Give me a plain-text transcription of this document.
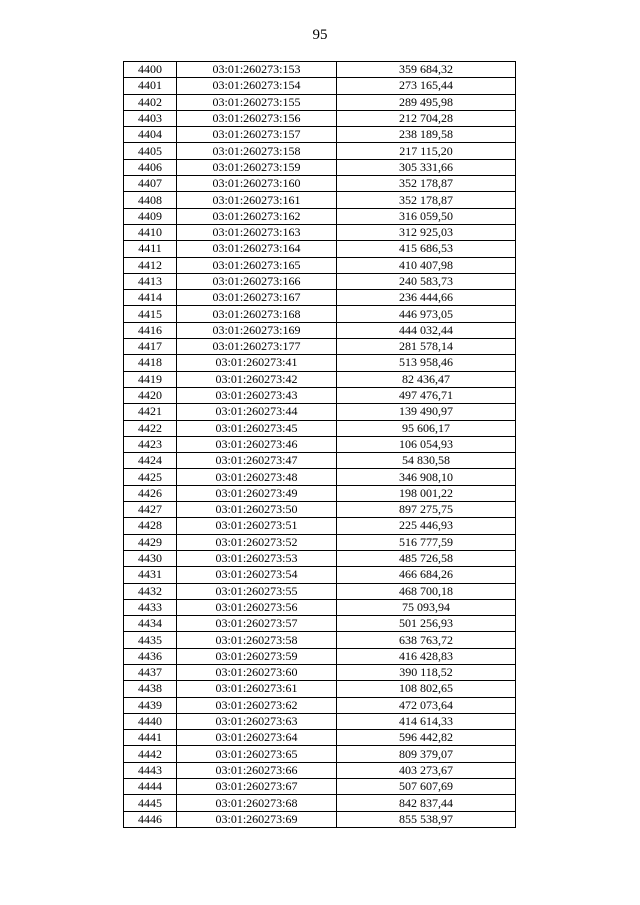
95
4400	03:01:260273:153	359 684,32
4401	03:01:260273:154	273 165,44
4402	03:01:260273:155	289 495,98
4403	03:01:260273:156	212 704,28
4404	03:01:260273:157	238 189,58
4405	03:01:260273:158	217 115,20
4406	03:01:260273:159	305 331,66
4407	03:01:260273:160	352 178,87
4408	03:01:260273:161	352 178,87
4409	03:01:260273:162	316 059,50
4410	03:01:260273:163	312 925,03
4411	03:01:260273:164	415 686,53
4412	03:01:260273:165	410 407,98
4413	03:01:260273:166	240 583,73
4414	03:01:260273:167	236 444,66
4415	03:01:260273:168	446 973,05
4416	03:01:260273:169	444 032,44
4417	03:01:260273:177	281 578,14
4418	03:01:260273:41	513 958,46
4419	03:01:260273:42	82 436,47
4420	03:01:260273:43	497 476,71
4421	03:01:260273:44	139 490,97
4422	03:01:260273:45	95 606,17
4423	03:01:260273:46	106 054,93
4424	03:01:260273:47	54 830,58
4425	03:01:260273:48	346 908,10
4426	03:01:260273:49	198 001,22
4427	03:01:260273:50	897 275,75
4428	03:01:260273:51	225 446,93
4429	03:01:260273:52	516 777,59
4430	03:01:260273:53	485 726,58
4431	03:01:260273:54	466 684,26
4432	03:01:260273:55	468 700,18
4433	03:01:260273:56	75 093,94
4434	03:01:260273:57	501 256,93
4435	03:01:260273:58	638 763,72
4436	03:01:260273:59	416 428,83
4437	03:01:260273:60	390 118,52
4438	03:01:260273:61	108 802,65
4439	03:01:260273:62	472 073,64
4440	03:01:260273:63	414 614,33
4441	03:01:260273:64	596 442,82
4442	03:01:260273:65	809 379,07
4443	03:01:260273:66	403 273,67
4444	03:01:260273:67	507 607,69
4445	03:01:260273:68	842 837,44
4446	03:01:260273:69	855 538,97
